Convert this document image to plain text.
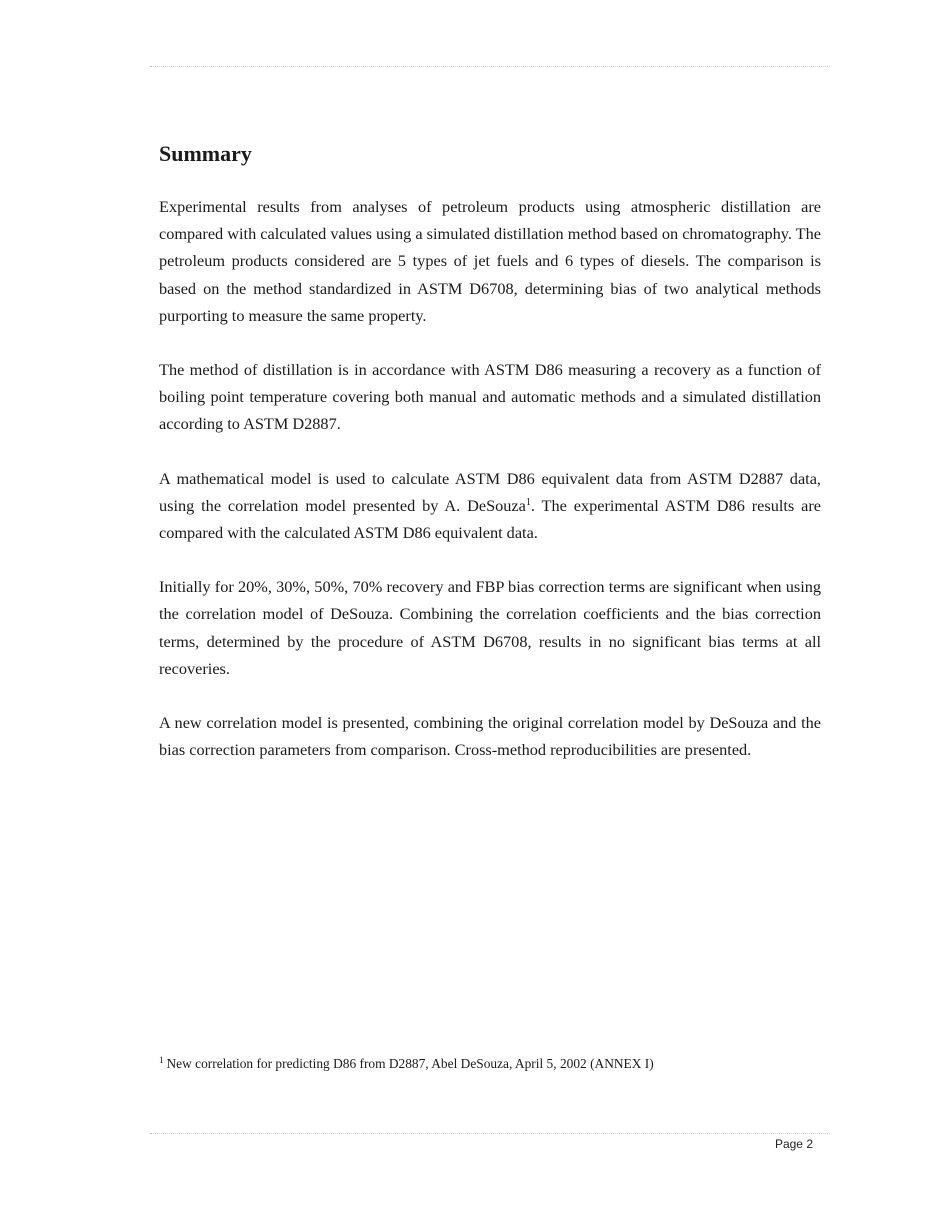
Summary

Experimental results from analyses of petroleum products using atmospheric distillation are compared with calculated values using a simulated distillation method based on chromatography. The petroleum products considered are 5 types of jet fuels and 6 types of diesels. The comparison is based on the method standardized in ASTM D6708, determining bias of two analytical methods purporting to measure the same property.

The method of distillation is in accordance with ASTM D86 measuring a recovery as a function of boiling point temperature covering both manual and automatic methods and a simulated distillation according to ASTM D2887.

A mathematical model is used to calculate ASTM D86 equivalent data from ASTM D2887 data, using the correlation model presented by A. DeSouza$^1$. The experimental ASTM D86 results are compared with the calculated ASTM D86 equivalent data.

Initially for 20%, 30%, 50%, 70% recovery and FBP bias correction terms are significant when using the correlation model of DeSouza. Combining the correlation coefficients and the bias correction terms, determined by the procedure of ASTM D6708, results in no significant bias terms at all recoveries.

A new correlation model is presented, combining the original correlation model by DeSouza and the bias correction parameters from comparison. Cross-method reproducibilities are presented.

$^1$ New correlation for predicting D86 from D2887, Abel DeSouza, April 5, 2002 (ANNEX I)
Page 2
